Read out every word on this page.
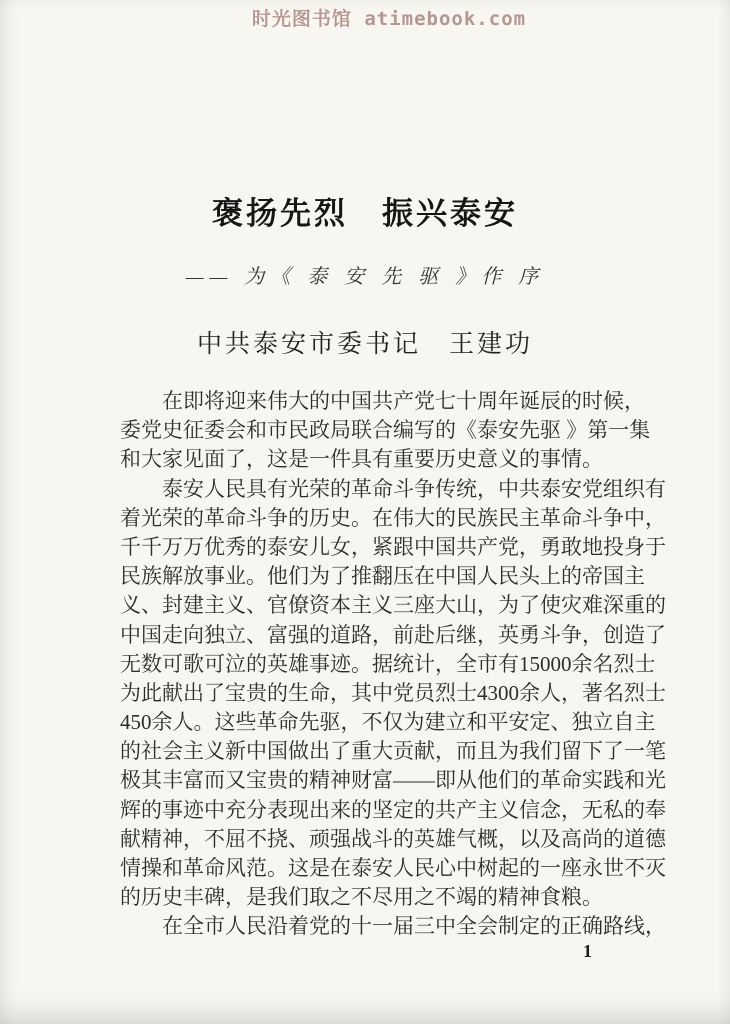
时光图书馆 atimebook.com
褒扬先烈　振兴泰安
—— 为《 泰 安 先 驱 》作 序
中共泰安市委书记　王建功
在即将迎来伟大的中国共产党七十周年诞辰的时候，
委党史征委会和市民政局联合编写的《泰安先驱 》第一集
和大家见面了，这是一件具有重要历史意义的事情。
泰安人民具有光荣的革命斗争传统，中共泰安党组织有
着光荣的革命斗争的历史。在伟大的民族民主革命斗争中，
千千万万优秀的泰安儿女，紧跟中国共产党，勇敢地投身于
民族解放事业。他们为了推翻压在中国人民头上的帝国主
义、封建主义、官僚资本主义三座大山，为了使灾难深重的
中国走向独立、富强的道路，前赴后继，英勇斗争，创造了
无数可歌可泣的英雄事迹。据统计，全市有15000余名烈士
为此献出了宝贵的生命，其中党员烈士4300余人，著名烈士
450余人。这些革命先驱，不仅为建立和平安定、独立自主
的社会主义新中国做出了重大贡献，而且为我们留下了一笔
极其丰富而又宝贵的精神财富——即从他们的革命实践和光
辉的事迹中充分表现出来的坚定的共产主义信念，无私的奉
献精神，不屈不挠、顽强战斗的英雄气概，以及高尚的道德
情操和革命风范。这是在泰安人民心中树起的一座永世不灭
的历史丰碑，是我们取之不尽用之不竭的精神食粮。
在全市人民沿着党的十一届三中全会制定的正确路线，
1
